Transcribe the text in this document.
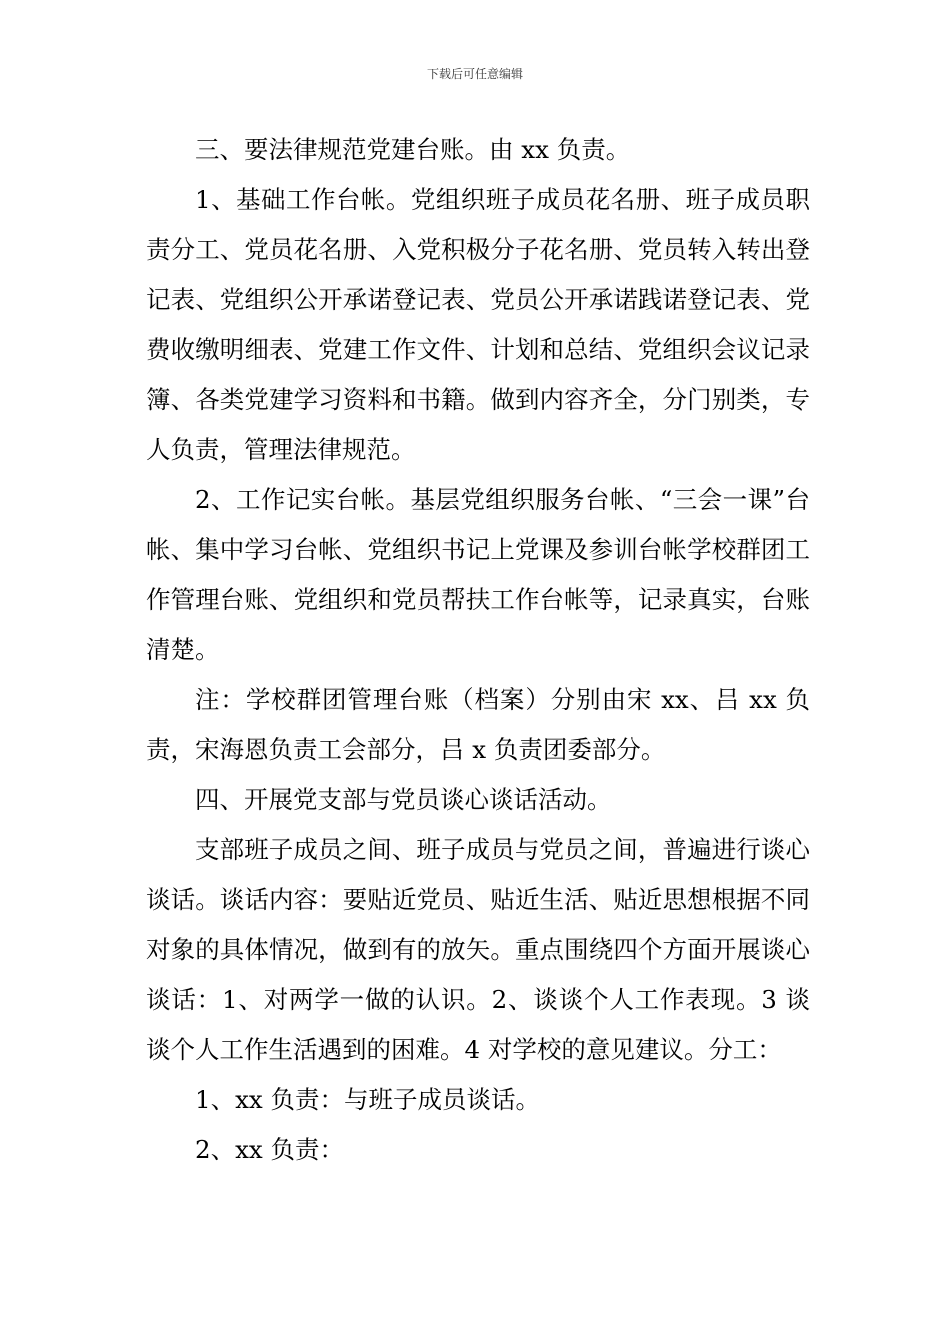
下载后可任意编辑

三、要法律规范党建台账。由 xx 负责。

1、基础工作台帐。党组织班子成员花名册、班子成员职责分工、党员花名册、入党积极分子花名册、党员转入转出登记表、党组织公开承诺登记表、党员公开承诺践诺登记表、党费收缴明细表、党建工作文件、计划和总结、党组织会议记录簿、各类党建学习资料和书籍。做到内容齐全，分门别类，专人负责，管理法律规范。

2、工作记实台帐。基层党组织服务台帐、“三会一课”台帐、集中学习台帐、党组织书记上党课及参训台帐学校群团工作管理台账、党组织和党员帮扶工作台帐等，记录真实，台账清楚。

注：学校群团管理台账（档案）分别由宋 xx、吕 xx 负责，宋海恩负责工会部分，吕 x 负责团委部分。

四、开展党支部与党员谈心谈话活动。

支部班子成员之间、班子成员与党员之间，普遍进行谈心谈话。谈话内容：要贴近党员、贴近生活、贴近思想根据不同对象的具体情况，做到有的放矢。重点围绕四个方面开展谈心谈话：1、对两学一做的认识。2、谈谈个人工作表现。3 谈谈个人工作生活遇到的困难。4 对学校的意见建议。分工：

1、xx 负责：与班子成员谈话。

2、xx 负责：
